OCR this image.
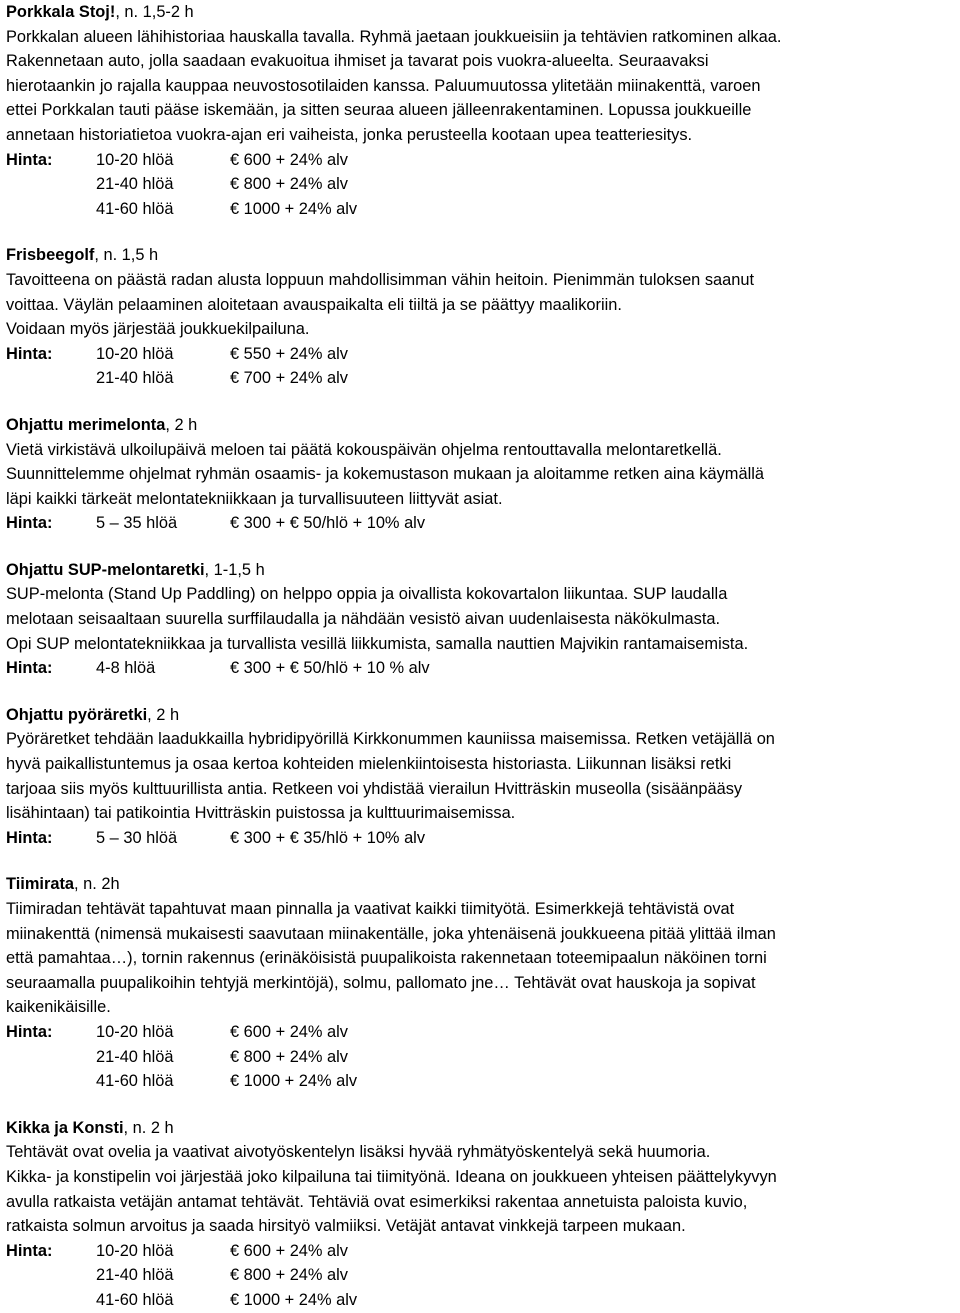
Porkkala Stoj!, n. 1,5-2 h
Porkkalan alueen lähihistoriaa hauskalla tavalla. Ryhmä jaetaan joukkueisiin ja tehtävien ratkominen alkaa.
Rakennetaan auto, jolla saadaan evakuoitua ihmiset ja tavarat pois vuokra-alueelta. Seuraavaksi
hierotaankin jo rajalla kauppaa neuvostosotilaiden kanssa. Paluumuutossa ylitetään miinakenttä, varoen
ettei Porkkalan tauti pääse iskemään, ja sitten seuraa alueen jälleenrakentaminen. Lopussa joukkueille
annetaan historiatietoa vuokra-ajan eri vaiheista, jonka perusteella kootaan upea teatteriesitys.
Hinta:	10-20 hlöä	€ 600 + 24% alv
21-40 hlöä	€ 800 + 24% alv
41-60 hlöä	€ 1000 + 24% alv
Frisbeegolf, n. 1,5 h
Tavoitteena on päästä radan alusta loppuun mahdollisimman vähin heitoin. Pienimmän tuloksen saanut
voittaa. Väylän pelaaminen aloitetaan avauspaikalta eli tiiltä ja se päättyy maalikoriin.
Voidaan myös järjestää joukkuekilpailuna.
Hinta:	10-20 hlöä	€ 550 + 24% alv
21-40 hlöä	€ 700 + 24% alv
Ohjattu merimelonta, 2 h
Vietä virkistävä ulkoilupäivä meloen tai päätä kokouspäivän ohjelma rentouttavalla melontaretkellä.
Suunnittelemme ohjelmat ryhmän osaamis- ja kokemustason mukaan ja aloitamme retken aina käymällä
läpi kaikki tärkeät melontatekniikkaan ja turvallisuuteen liittyvät asiat.
Hinta:	5 – 35 hlöä	€ 300 + € 50/hlö + 10% alv
Ohjattu SUP-melontaretki, 1-1,5 h
SUP-melonta (Stand Up Paddling) on helppo oppia ja oivallista kokovartalon liikuntaa. SUP laudalla
melotaan seisaaltaan suurella surffilaudalla ja nähdään vesistö aivan uudenlaisesta näkökulmasta.
Opi SUP melontatekniikkaa ja turvallista vesillä liikkumista, samalla nauttien Majvikin rantamaisemista.
Hinta:	4-8 hlöä	€ 300 + € 50/hlö + 10 % alv
Ohjattu pyöräretki, 2 h
Pyöräretket tehdään laadukkailla hybridipyörillä Kirkkonummen kauniissa maisemissa. Retken vetäjällä on
hyvä paikallistuntemus ja osaa kertoa kohteiden mielenkiintoisesta historiasta. Liikunnan lisäksi retki
tarjoaa siis myös kulttuurillista antia. Retkeen voi yhdistää vierailun Hvitträskin museolla (sisäänpääsy
lisähintaan) tai patikointia Hvitträskin puistossa ja kulttuurimaisemissa.
Hinta:	5 – 30 hlöä	€ 300 + € 35/hlö + 10% alv
Tiimirata, n. 2h
Tiimiradan tehtävät tapahtuvat maan pinnalla ja vaativat kaikki tiimityötä. Esimerkkejä tehtävistä ovat
miinakenttä (nimensä mukaisesti saavutaan miinakentälle, joka yhtenäisenä joukkueena pitää ylittää ilman
että pamahtaa…), tornin rakennus (erinäköisistä puupalikoista rakennetaan toteemipaalun näköinen torni
seuraamalla puupalikoihin tehtyjä merkintöjä), solmu, pallomato jne… Tehtävät ovat hauskoja ja sopivat
kaikenikäisille.
Hinta:	10-20 hlöä	€ 600 + 24% alv
21-40 hlöä	€ 800 + 24% alv
41-60 hlöä	€ 1000 + 24% alv
Kikka ja Konsti, n. 2 h
Tehtävät ovat ovelia ja vaativat aivotyöskentelyn lisäksi hyvää ryhmätyöskentelyä sekä huumoria.
Kikka- ja konstipelin voi järjestää joko kilpailuna tai tiimityönä. Ideana on joukkueen yhteisen päättelykyvyn
avulla ratkaista vetäjän antamat tehtävät. Tehtäviä ovat esimerkiksi rakentaa annetuista paloista kuvio,
ratkaista solmun arvoitus ja saada hirsityö valmiiksi. Vetäjät antavat vinkkejä tarpeen mukaan.
Hinta:	10-20 hlöä	€ 600 + 24% alv
21-40 hlöä	€ 800 + 24% alv
41-60 hlöä	€ 1000 + 24% alv
